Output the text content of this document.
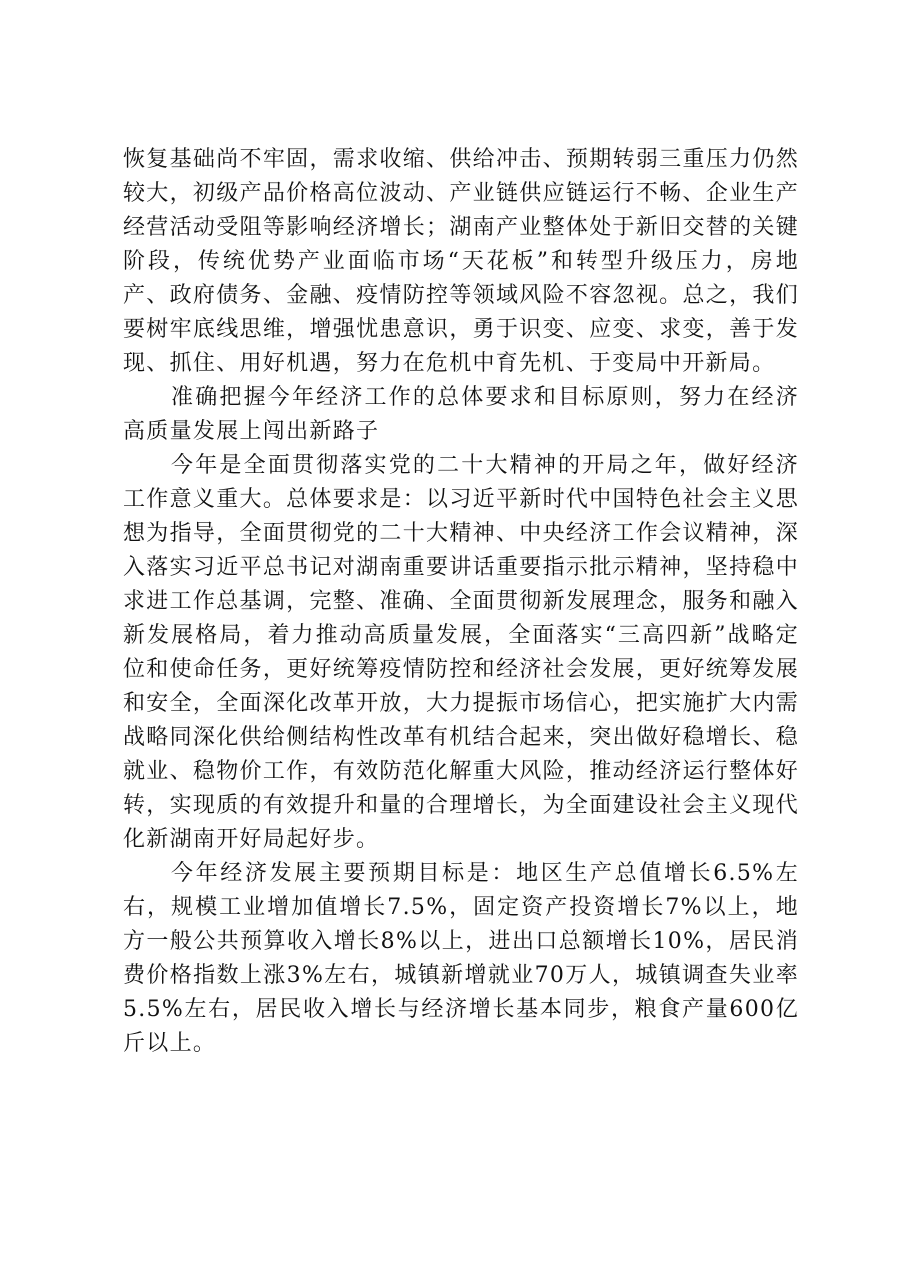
恢复基础尚不牢固，需求收缩、供给冲击、预期转弱三重压力仍然较大，初级产品价格高位波动、产业链供应链运行不畅、企业生产经营活动受阻等影响经济增长；湖南产业整体处于新旧交替的关键阶段，传统优势产业面临市场“天花板”和转型升级压力，房地产、政府债务、金融、疫情防控等领域风险不容忽视。总之，我们要树牢底线思维，增强忧患意识，勇于识变、应变、求变，善于发现、抓住、用好机遇，努力在危机中育先机、于变局中开新局。

准确把握今年经济工作的总体要求和目标原则，努力在经济高质量发展上闯出新路子

今年是全面贯彻落实党的二十大精神的开局之年，做好经济工作意义重大。总体要求是：以习近平新时代中国特色社会主义思想为指导，全面贯彻党的二十大精神、中央经济工作会议精神，深入落实习近平总书记对湖南重要讲话重要指示批示精神，坚持稳中求进工作总基调，完整、准确、全面贯彻新发展理念，服务和融入新发展格局，着力推动高质量发展，全面落实“三高四新”战略定位和使命任务，更好统筹疫情防控和经济社会发展，更好统筹发展和安全，全面深化改革开放，大力提振市场信心，把实施扩大内需战略同深化供给侧结构性改革有机结合起来，突出做好稳增长、稳就业、稳物价工作，有效防范化解重大风险，推动经济运行整体好转，实现质的有效提升和量的合理增长，为全面建设社会主义现代化新湖南开好局起好步。

今年经济发展主要预期目标是：地区生产总值增长6.5%左右，规模工业增加值增长7.5%，固定资产投资增长7%以上，地方一般公共预算收入增长8%以上，进出口总额增长10%，居民消费价格指数上涨3%左右，城镇新增就业70万人，城镇调查失业率5.5%左右，居民收入增长与经济增长基本同步，粮食产量600亿斤以上。
